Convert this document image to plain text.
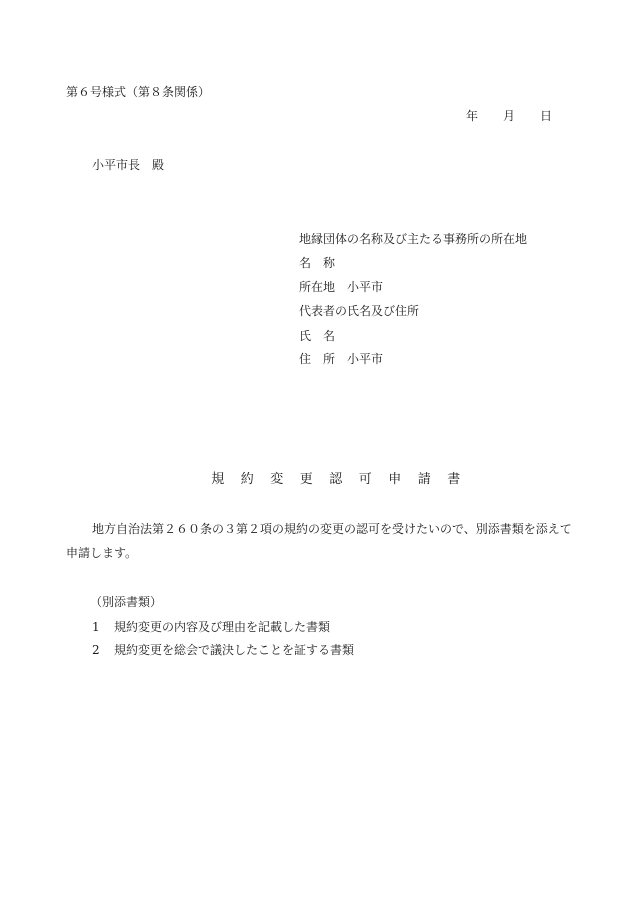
第６号様式（第８条関係）
年 月 日
小平市長　殿
地縁団体の名称及び主たる事務所の所在地
名　称
所在地　小平市
代表者の氏名及び住所
氏　名
住　所　小平市
規	約	変	更	認	可	申	請	書
地方自治法第２６０条の３第２項の規約の変更の認可を受けたいので、別添書類を添えて
申請します。
（別添書類）
1 規約変更の内容及び理由を記載した書類
2 規約変更を総会で議決したことを証する書類
